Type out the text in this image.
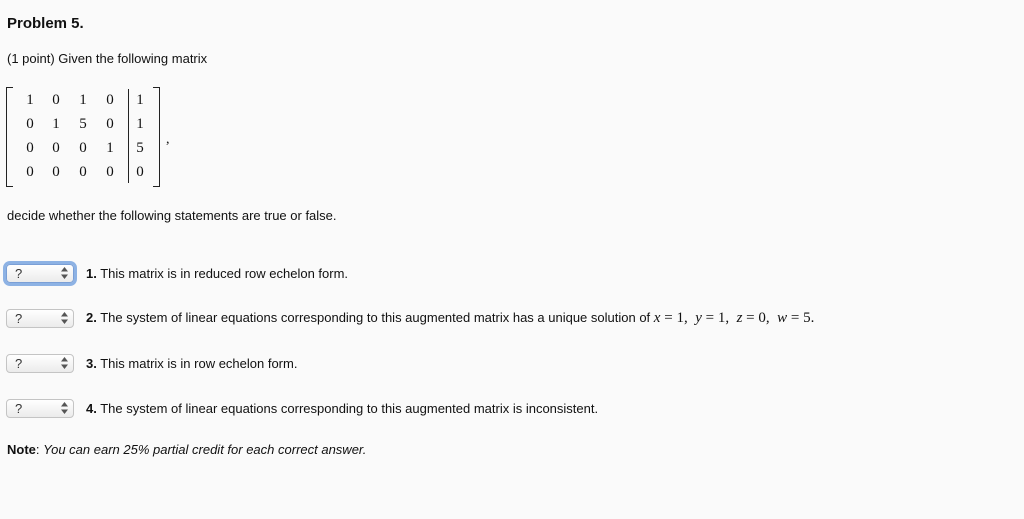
Problem 5.
(1 point) Given the following matrix
1	0	1	0	1
0	1	5	0	1
0	0	0	1	5
0	0	0	0	0
,
decide whether the following statements are true or false.
?	1. This matrix is in reduced row echelon form.
?	2. The system of linear equations corresponding to this augmented matrix has a unique solution of x = 1,  y = 1,  z = 0,  w = 5.
?	3. This matrix is in row echelon form.
?	4. The system of linear equations corresponding to this augmented matrix is inconsistent.
Note: You can earn 25% partial credit for each correct answer.
